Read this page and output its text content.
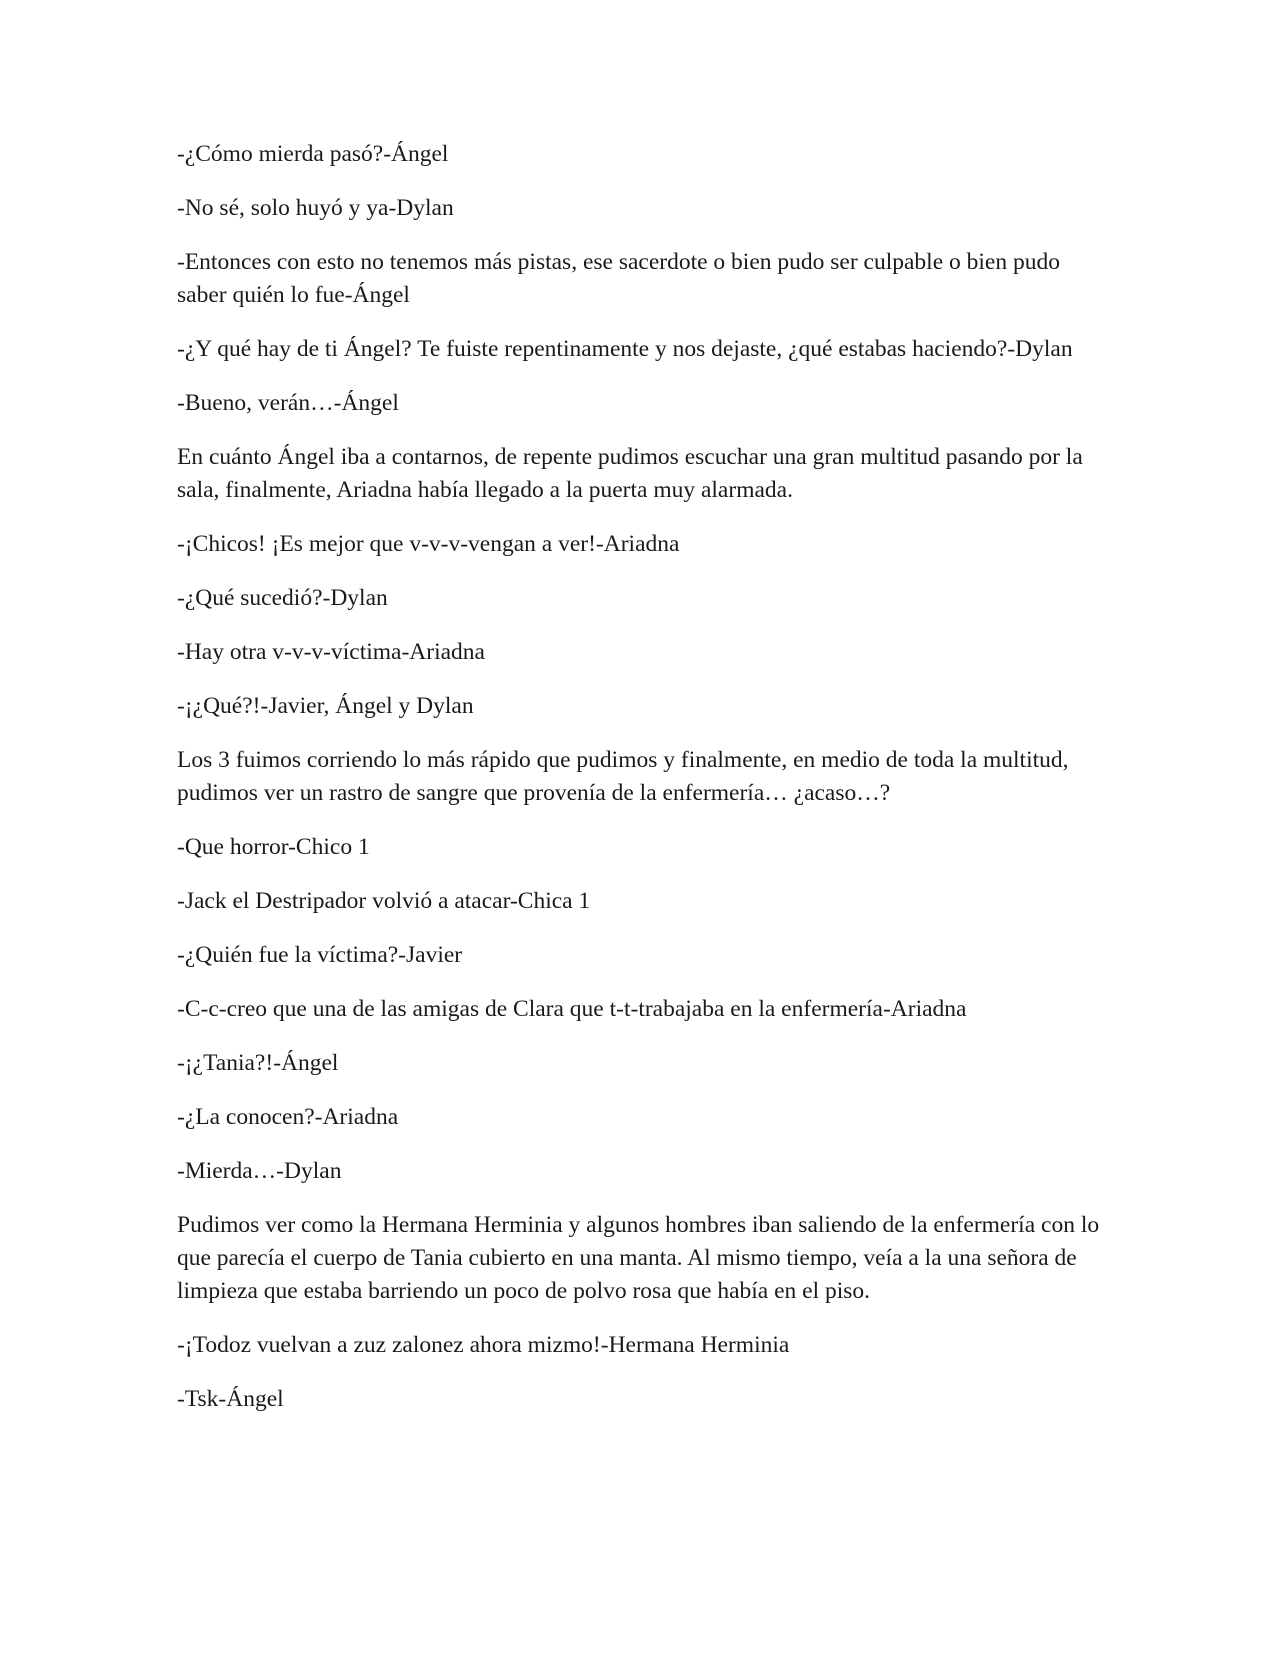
-¿Cómo mierda pasó?-Ángel

-No sé, solo huyó y ya-Dylan

-Entonces con esto no tenemos más pistas, ese sacerdote o bien pudo ser culpable o bien pudo saber quién lo fue-Ángel

-¿Y qué hay de ti Ángel? Te fuiste repentinamente y nos dejaste, ¿qué estabas haciendo?-Dylan

-Bueno, verán…-Ángel

En cuánto Ángel iba a contarnos, de repente pudimos escuchar una gran multitud pasando por la sala, finalmente, Ariadna había llegado a la puerta muy alarmada.

-¡Chicos! ¡Es mejor que v-v-v-vengan a ver!-Ariadna

-¿Qué sucedió?-Dylan

-Hay otra v-v-v-víctima-Ariadna

-¡¿Qué?!-Javier, Ángel y Dylan

Los 3 fuimos corriendo lo más rápido que pudimos y finalmente, en medio de toda la multitud, pudimos ver un rastro de sangre que provenía de la enfermería… ¿acaso…?

-Que horror-Chico 1

-Jack el Destripador volvió a atacar-Chica 1

-¿Quién fue la víctima?-Javier

-C-c-creo que una de las amigas de Clara que t-t-trabajaba en la enfermería-Ariadna

-¡¿Tania?!-Ángel

-¿La conocen?-Ariadna

-Mierda…-Dylan

Pudimos ver como la Hermana Herminia y algunos hombres iban saliendo de la enfermería con lo que parecía el cuerpo de Tania cubierto en una manta. Al mismo tiempo, veía a la una señora de limpieza que estaba barriendo un poco de polvo rosa que había en el piso.

-¡Todoz vuelvan a zuz zalonez ahora mizmo!-Hermana Herminia

-Tsk-Ángel
